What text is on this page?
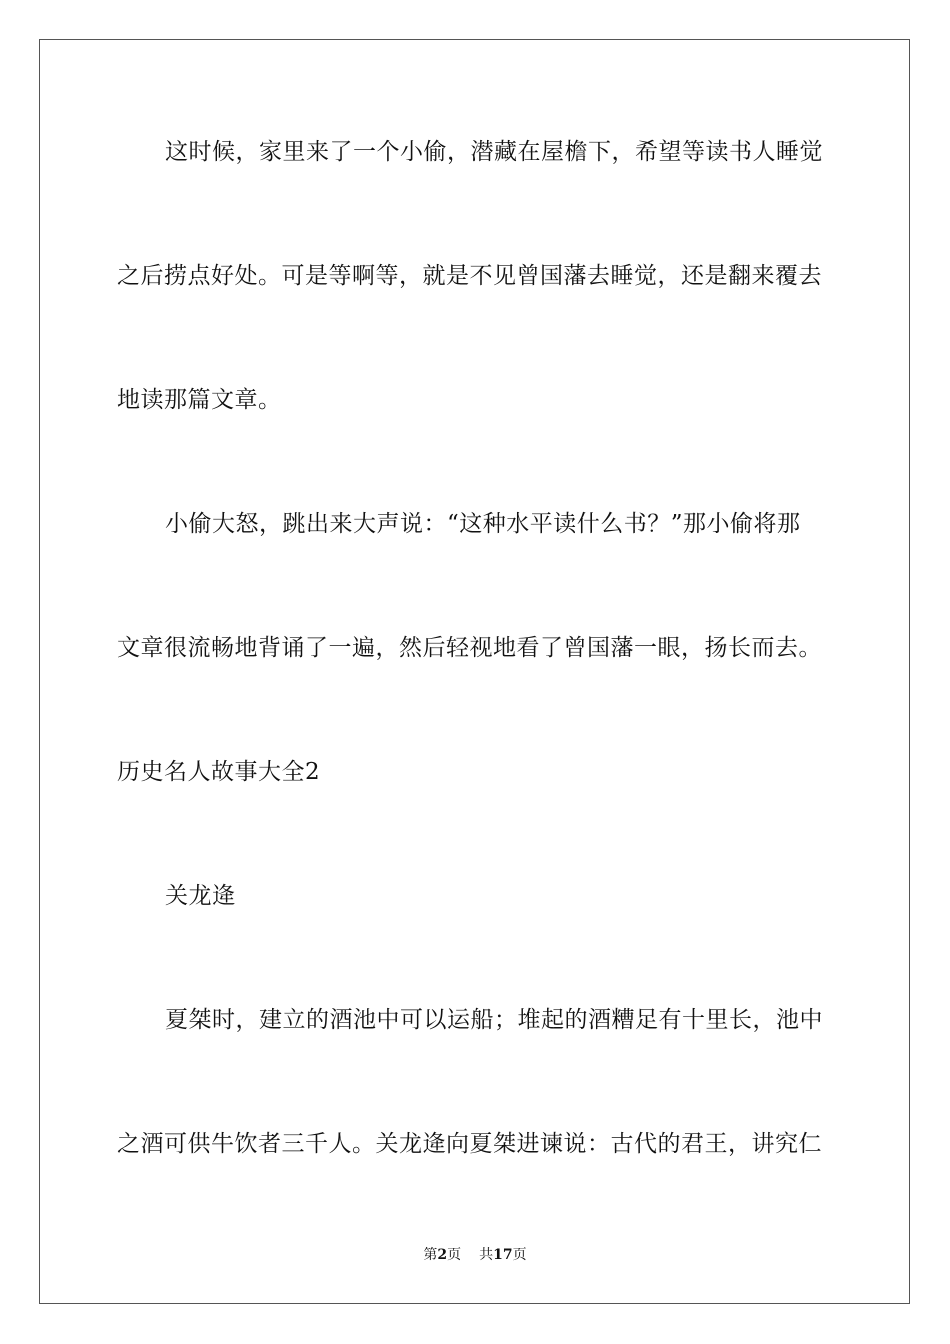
这时候，家里来了一个小偷，潜藏在屋檐下，希望等读书人睡觉
之后捞点好处。可是等啊等，就是不见曾国藩去睡觉，还是翻来覆去
地读那篇文章。
小偷大怒，跳出来大声说：“这种水平读什么书？”那小偷将那
文章很流畅地背诵了一遍，然后轻视地看了曾国藩一眼，扬长而去。
历史名人故事大全2
关龙逄
夏桀时，建立的酒池中可以运船；堆起的酒糟足有十里长，池中
之酒可供牛饮者三千人。关龙逄向夏桀进谏说：古代的君王，讲究仁
第2页 共17页
